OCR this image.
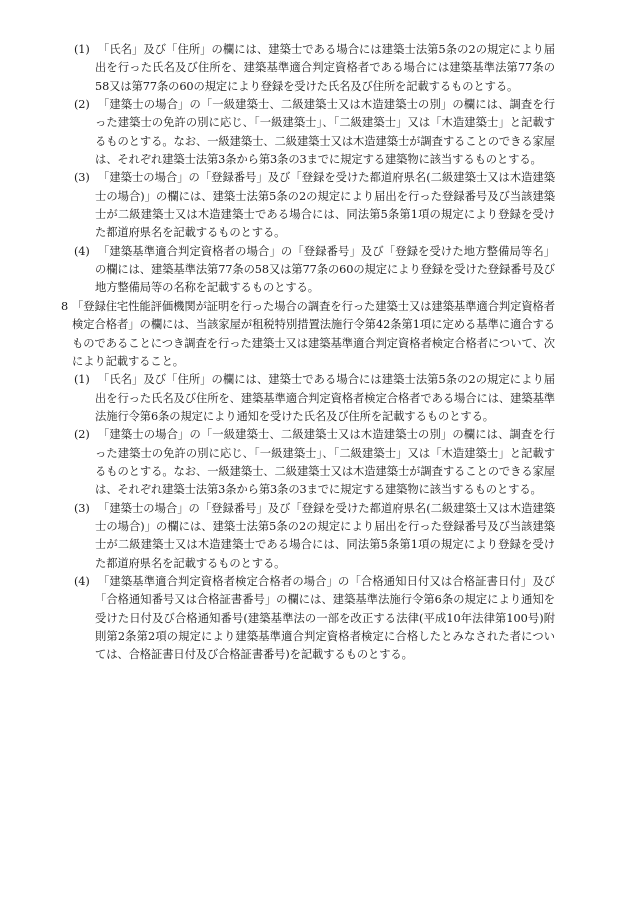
(1) 「氏名」及び「住所」の欄には、建築士である場合には建築士法第5条の2の規定により届出を行った氏名及び住所を、建築基準適合判定資格者である場合には建築基準法第77条の58又は第77条の60の規定により登録を受けた氏名及び住所を記載するものとする。
(2) 「建築士の場合」の「一級建築士、二級建築士又は木造建築士の別」の欄には、調査を行った建築士の免許の別に応じ、「一級建築士」、「二級建築士」又は「木造建築士」と記載するものとする。なお、一級建築士、二級建築士又は木造建築士が調査することのできる家屋は、それぞれ建築士法第3条から第3条の3までに規定する建築物に該当するものとする。
(3) 「建築士の場合」の「登録番号」及び「登録を受けた都道府県名(二級建築士又は木造建築士の場合)」の欄には、建築士法第5条の2の規定により届出を行った登録番号及び当該建築士が二級建築士又は木造建築士である場合には、同法第5条第1項の規定により登録を受けた都道府県名を記載するものとする。
(4) 「建築基準適合判定資格者の場合」の「登録番号」及び「登録を受けた地方整備局等名」の欄には、建築基準法第77条の58又は第77条の60の規定により登録を受けた登録番号及び地方整備局等の名称を記載するものとする。
8 「登録住宅性能評価機関が証明を行った場合の調査を行った建築士又は建築基準適合判定資格者検定合格者」の欄には、当該家屋が租税特別措置法施行令第42条第1項に定める基準に適合するものであることにつき調査を行った建築士又は建築基準適合判定資格者検定合格者について、次により記載すること。
(1) 「氏名」及び「住所」の欄には、建築士である場合には建築士法第5条の2の規定により届出を行った氏名及び住所を、建築基準適合判定資格者検定合格者である場合には、建築基準法施行令第6条の規定により通知を受けた氏名及び住所を記載するものとする。
(2) 「建築士の場合」の「一級建築士、二級建築士又は木造建築士の別」の欄には、調査を行った建築士の免許の別に応じ、「一級建築士」、「二級建築士」又は「木造建築士」と記載するものとする。なお、一級建築士、二級建築士又は木造建築士が調査することのできる家屋は、それぞれ建築士法第3条から第3条の3までに規定する建築物に該当するものとする。
(3) 「建築士の場合」の「登録番号」及び「登録を受けた都道府県名(二級建築士又は木造建築士の場合)」の欄には、建築士法第5条の2の規定により届出を行った登録番号及び当該建築士が二級建築士又は木造建築士である場合には、同法第5条第1項の規定により登録を受けた都道府県名を記載するものとする。
(4) 「建築基準適合判定資格者検定合格者の場合」の「合格通知日付又は合格証書日付」及び「合格通知番号又は合格証書番号」の欄には、建築基準法施行令第6条の規定により通知を受けた日付及び合格通知番号(建築基準法の一部を改正する法律(平成10年法律第100号)附則第2条第2項の規定により建築基準適合判定資格者検定に合格したとみなされた者については、合格証書日付及び合格証書番号)を記載するものとする。
